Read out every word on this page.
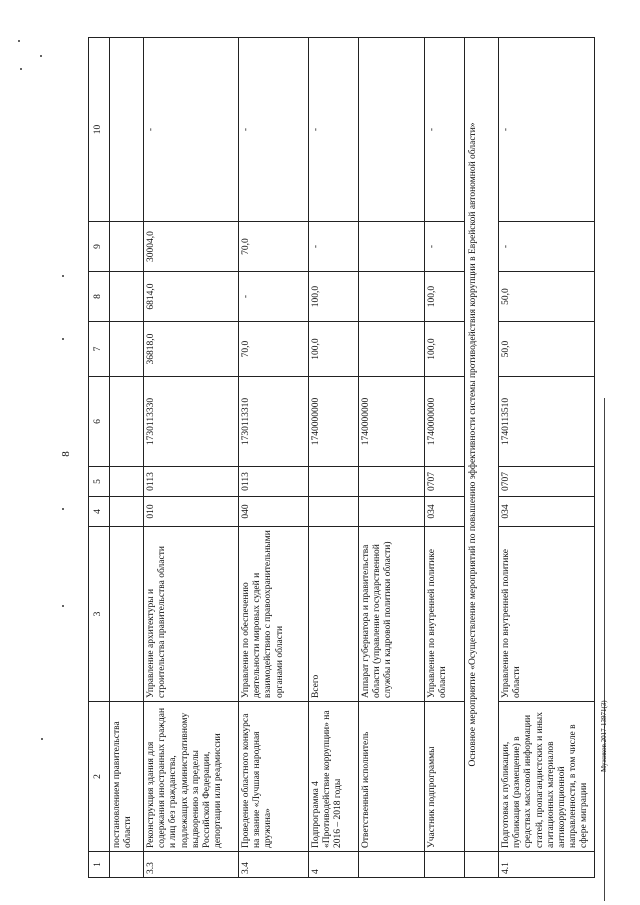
8
Мужиков.2017-13971(3)
1	2	3	4	5	6	7	8	9	10
	постановлением правительства области								
3.3	Реконструкция здания для содержания иностранных граждан и лиц без гражданства, подлежащих административному выдворению за пределы Российской Федерации, депортации или реадмиссии	Управление архитектуры и строительства правительства области	010	0113	1730113330	36818,0	6814,0	30004,0	-
3.4	Проведение областного конкурса на звание «Лучшая народная дружина»	Управление по обеспечению деятельности мировых судей и взаимодействию с правоохранительными органами области	040	0113	1730113310	70,0	-	70,0	-
4	Подпрограмма 4 «Противодействие коррупции» на 2016 – 2018 годы	Всего			1740000000	100,0	100,0	-	-
	Ответственный исполнитель	Аппарат губернатора и правительства области (управление государственной службы и кадровой политики области)			1740000000				
	Участник подпрограммы	Управление по внутренней политике области	034	0707	1740000000	100,0	100,0	-	-
	Основное мероприятие «Осуществление мероприятий по повышению эффективности системы противодействия коррупции в Еврейской автономной области»								
4.1	Подготовка к публикации, публикация (размещение) в средствах массовой информации статей, пропагандистских и иных агитационных материалов антикоррупционной направленности, в том числе в сфере миграции	Управление по внутренней политике области	034	0707	1740113510	50,0	50,0	-	-
